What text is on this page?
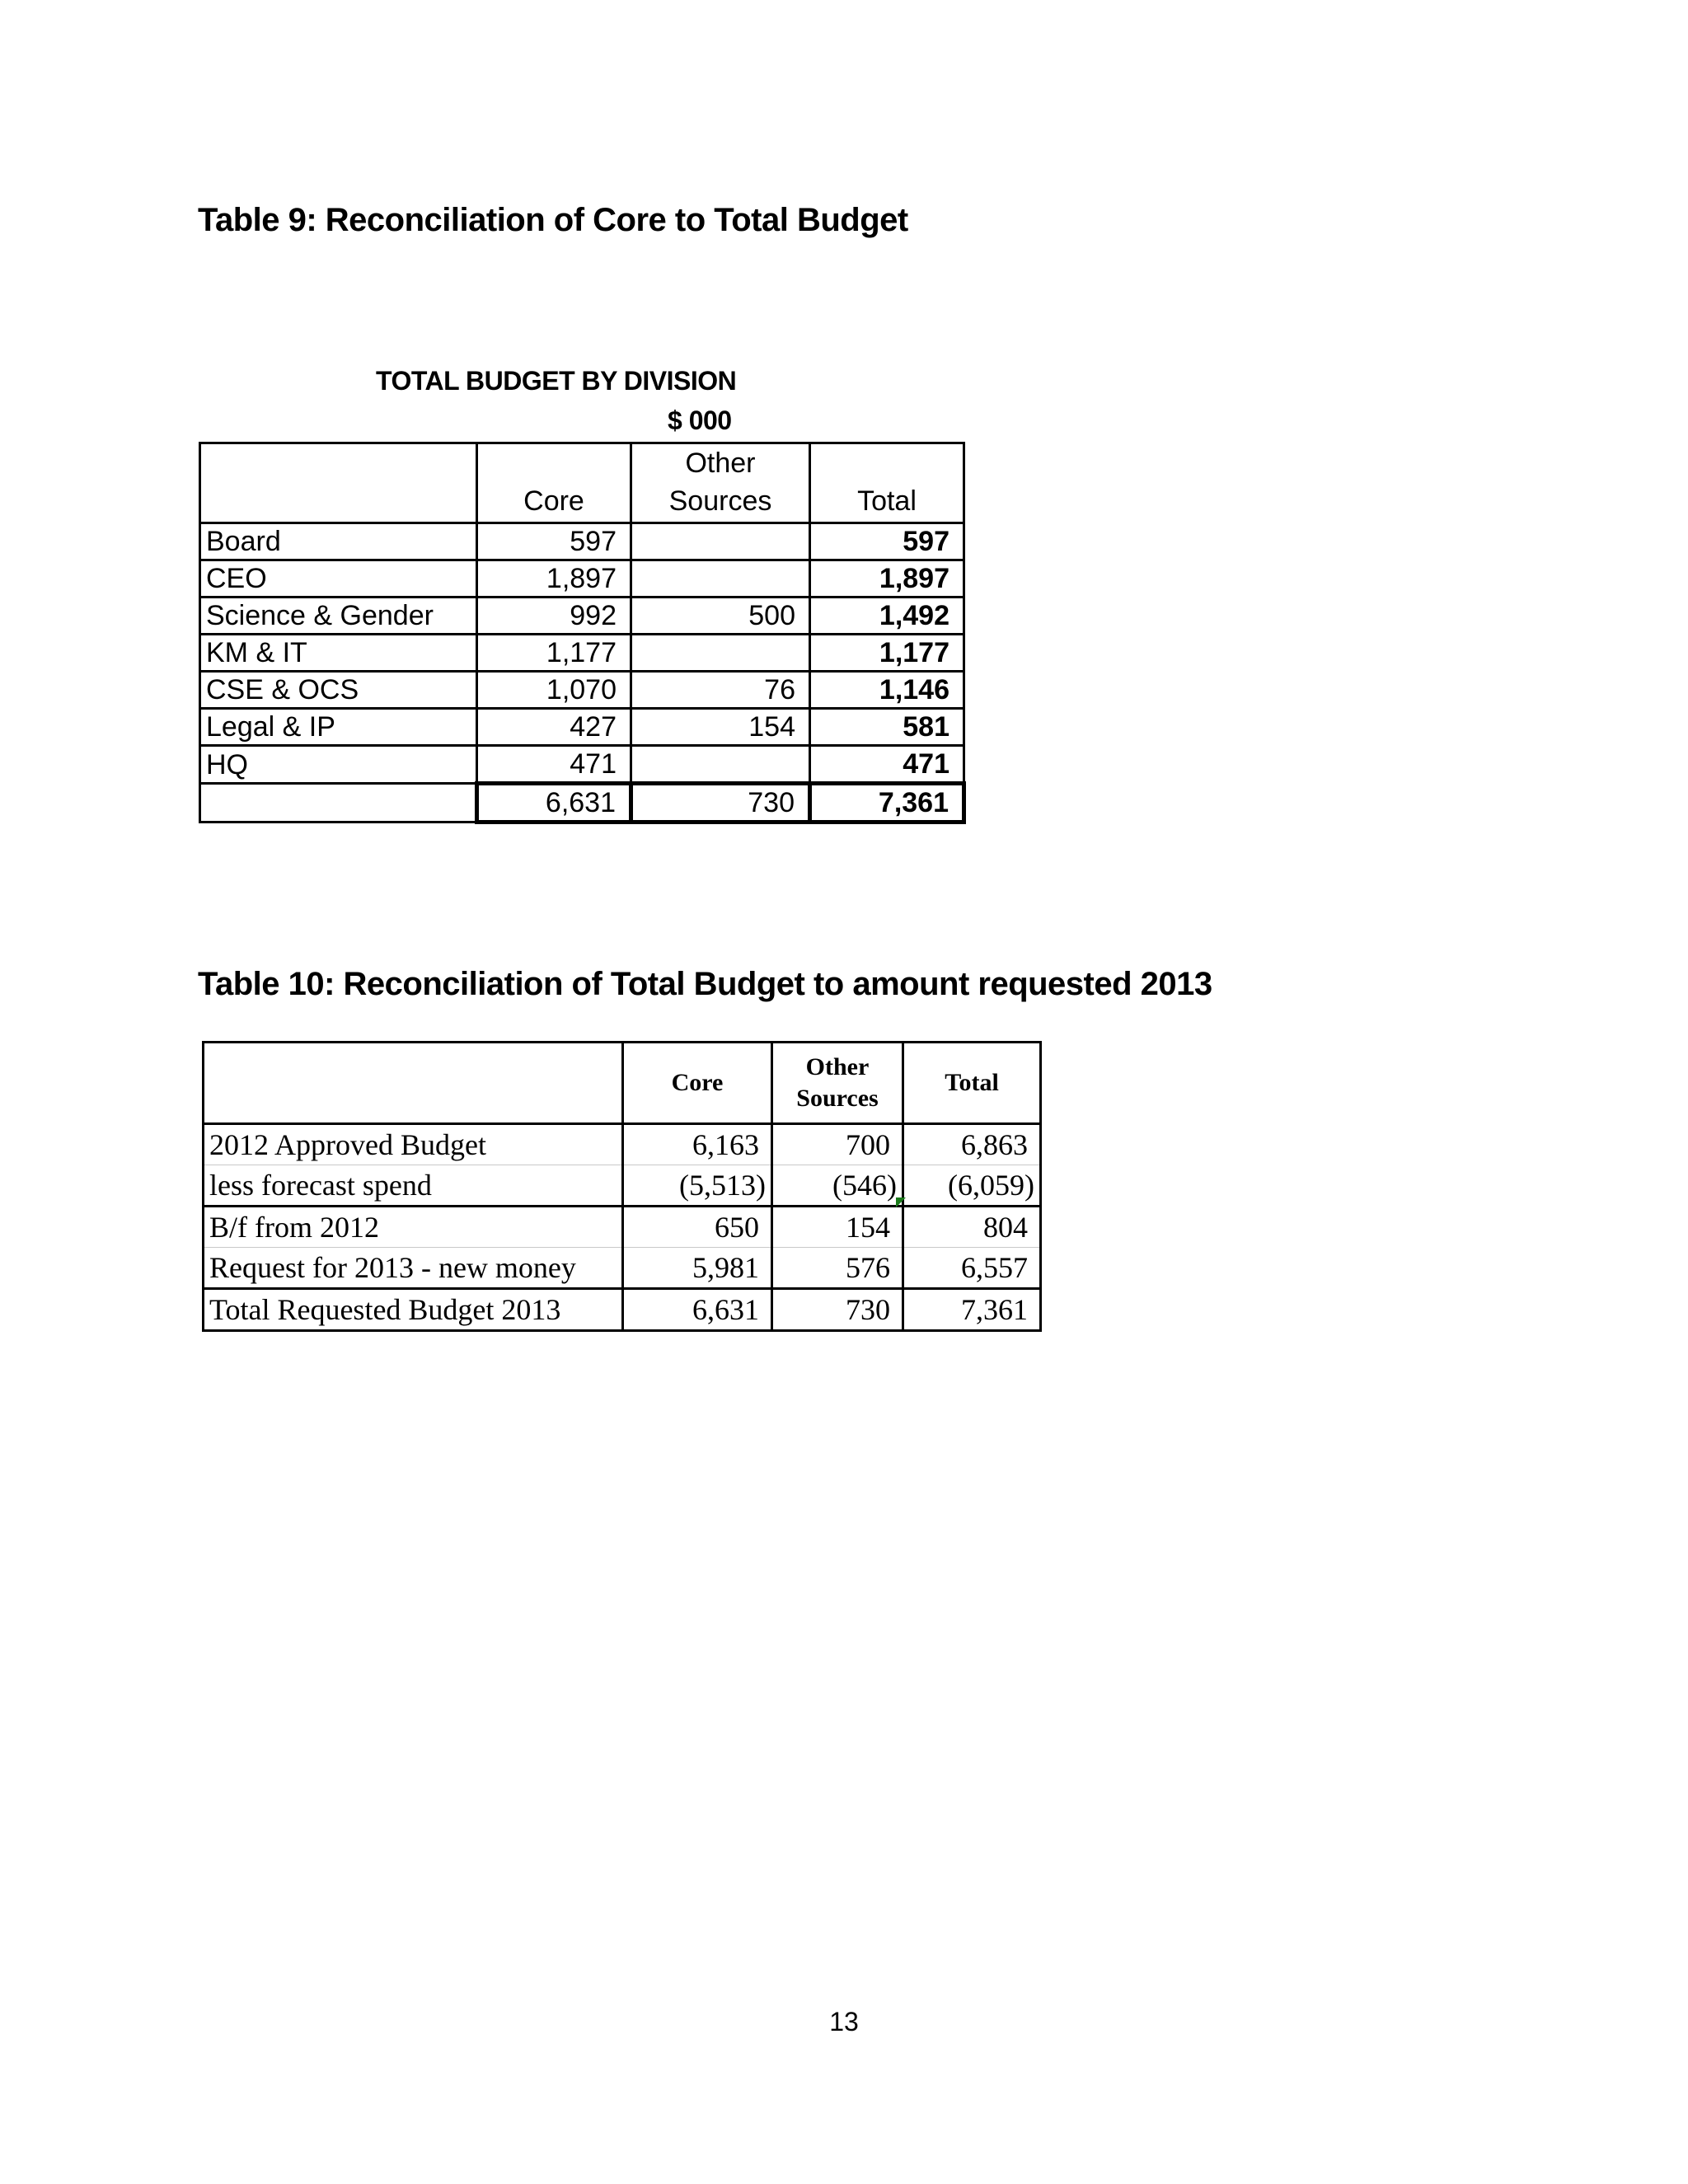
Table 9: Reconciliation of Core to Total Budget
TOTAL BUDGET BY DIVISION
$ 000
	Core	Other Sources	Total
Board	597		597
CEO	1,897		1,897
Science & Gender	992	500	1,492
KM & IT	1,177		1,177
CSE & OCS	1,070	76	1,146
Legal & IP	427	154	581
HQ	471		471
	6,631	730	7,361
Table 10: Reconciliation of Total Budget to amount requested 2013
	Core	Other Sources	Total
2012 Approved Budget	6,163	700	6,863
less forecast spend	(5,513)	(546)	(6,059)
B/f from 2012	650	154	804
Request for 2013 - new money	5,981	576	6,557
Total Requested Budget 2013	6,631	730	7,361
13
